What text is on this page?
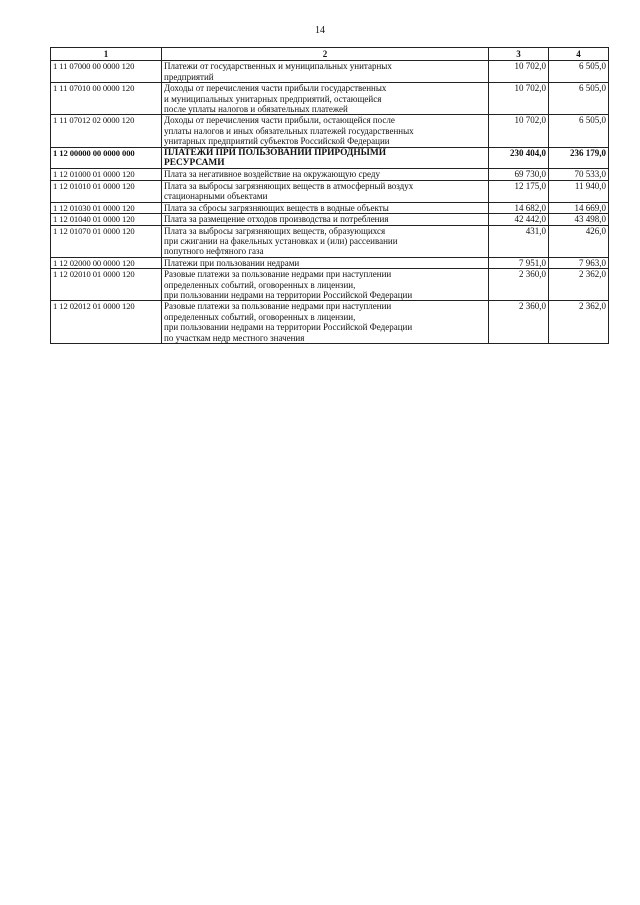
14
1	2	3	4
1 11 07000 00 0000 120	Платежи от государственных и муниципальных унитарных
предприятий	10 702,0	6 505,0
1 11 07010 00 0000 120	Доходы от перечисления части прибыли государственных
и муниципальных унитарных предприятий, остающейся
после уплаты налогов и обязательных платежей	10 702,0	6 505,0
1 11 07012 02 0000 120	Доходы от перечисления части прибыли, остающейся после
уплаты налогов и иных обязательных платежей государственных
унитарных предприятий субъектов Российской Федерации	10 702,0	6 505,0
1 12 00000 00 0000 000	ПЛАТЕЖИ ПРИ ПОЛЬЗОВАНИИ ПРИРОДНЫМИ
РЕСУРСАМИ	230 404,0	236 179,0
1 12 01000 01 0000 120	Плата за негативное воздействие на окружающую среду	69 730,0	70 533,0
1 12 01010 01 0000 120	Плата за выбросы загрязняющих веществ в атмосферный воздух
стационарными объектами	12 175,0	11 940,0
1 12 01030 01 0000 120	Плата за сбросы загрязняющих веществ в водные объекты	14 682,0	14 669,0
1 12 01040 01 0000 120	Плата за размещение отходов производства и потребления	42 442,0	43 498,0
1 12 01070 01 0000 120	Плата за выбросы загрязняющих веществ, образующихся
при сжигании на факельных установках и (или) рассеивании
попутного нефтяного газа	431,0	426,0
1 12 02000 00 0000 120	Платежи при пользовании недрами	7 951,0	7 963,0
1 12 02010 01 0000 120	Разовые платежи за пользование недрами при наступлении
определенных событий, оговоренных в лицензии,
при пользовании недрами на территории Российской Федерации	2 360,0	2 362,0
1 12 02012 01 0000 120	Разовые платежи за пользование недрами при наступлении
определенных событий, оговоренных в лицензии,
при пользовании недрами на территории Российской Федерации
по участкам недр местного значения	2 360,0	2 362,0
